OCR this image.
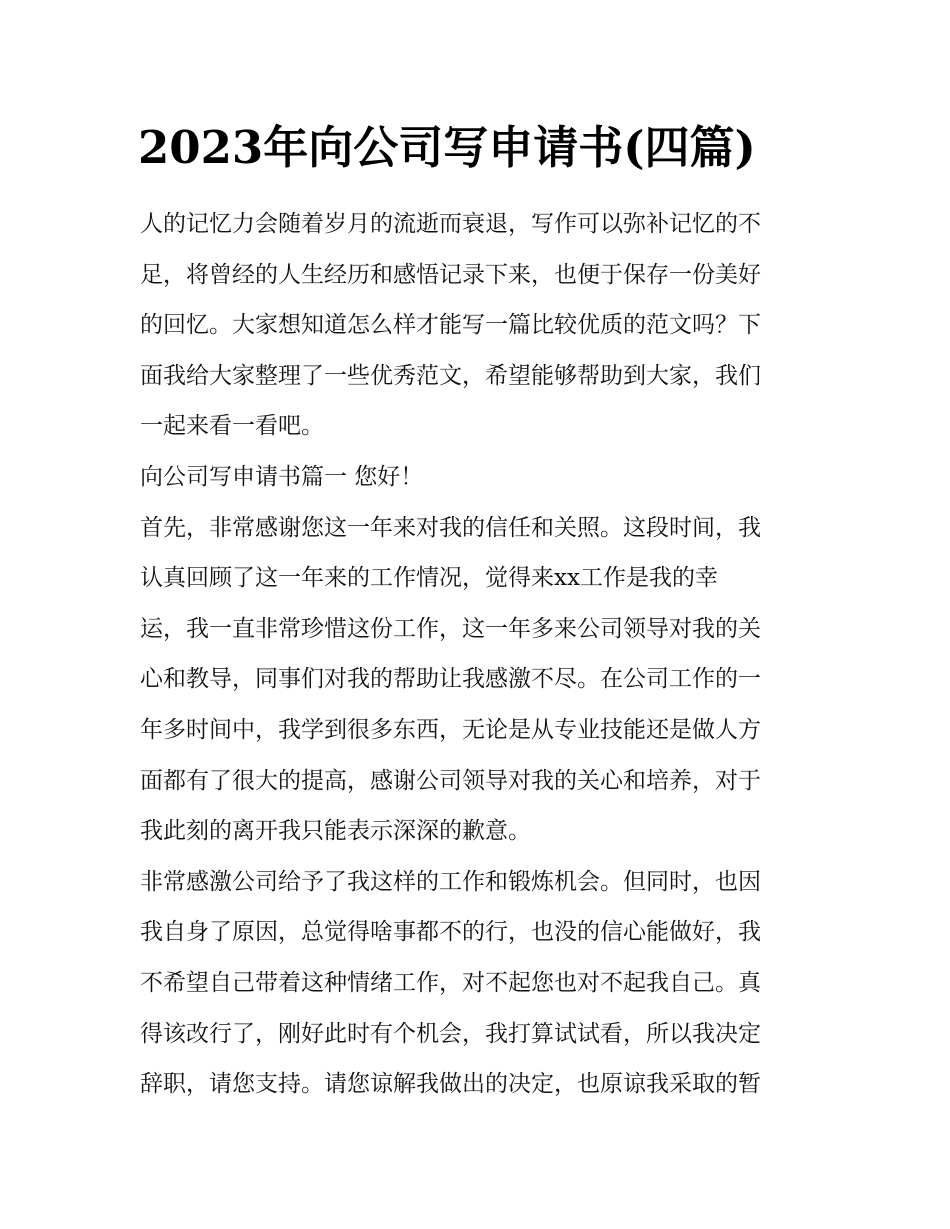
2023年向公司写申请书(四篇)
人的记忆力会随着岁月的流逝而衰退，写作可以弥补记忆的不
足，将曾经的人生经历和感悟记录下来，也便于保存一份美好
的回忆。大家想知道怎么样才能写一篇比较优质的范文吗？下
面我给大家整理了一些优秀范文，希望能够帮助到大家，我们
一起来看一看吧。
向公司写申请书篇一 您好！
首先，非常感谢您这一年来对我的信任和关照。这段时间，我
认真回顾了这一年来的工作情况，觉得来xx工作是我的幸
运，我一直非常珍惜这份工作，这一年多来公司领导对我的关
心和教导，同事们对我的帮助让我感激不尽。在公司工作的一
年多时间中，我学到很多东西，无论是从专业技能还是做人方
面都有了很大的提高，感谢公司领导对我的关心和培养，对于
我此刻的离开我只能表示深深的歉意。
非常感激公司给予了我这样的工作和锻炼机会。但同时，也因
我自身了原因，总觉得啥事都不的行，也没的信心能做好，我
不希望自己带着这种情绪工作，对不起您也对不起我自己。真
得该改行了，刚好此时有个机会，我打算试试看，所以我决定
辞职，请您支持。请您谅解我做出的决定，也原谅我采取的暂
